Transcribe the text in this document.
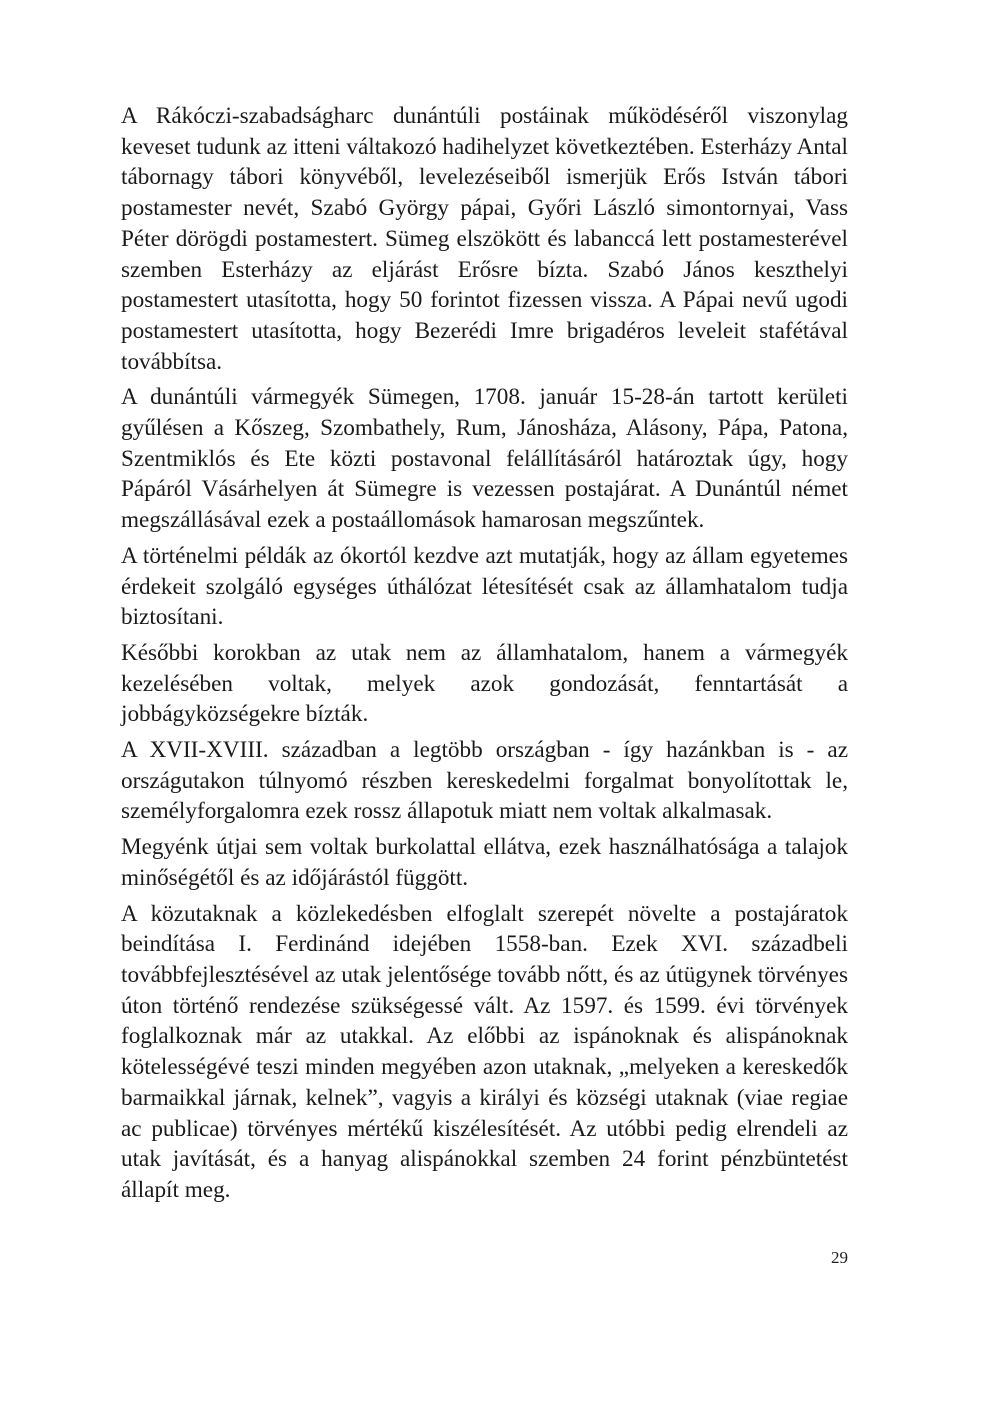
A Rákóczi-szabadságharc dunántúli postáinak működéséről viszonylag keveset tudunk az itteni váltakozó hadihelyzet következtében. Esterházy Antal tábornagy tábori könyvéből, levelezéseiből ismerjük Erős István tábori postamester nevét, Szabó György pápai, Győri László simontornyai, Vass Péter dörögdi postamestert. Sümeg elszökött és labanccá lett postamesterével szemben Esterházy az eljárást Erősre bízta. Szabó János keszthelyi postamestert utasította, hogy 50 forintot fizessen vissza. A Pápai nevű ugodi postamestert utasította, hogy Bezerédi Imre brigadéros leveleit stafétával továbbítsa.

A dunántúli vármegyék Sümegen, 1708. január 15-28-án tartott kerületi gyűlésen a Kőszeg, Szombathely, Rum, Jánosháza, Alásony, Pápa, Patona, Szentmiklós és Ete közti postavonal felállításáról határoztak úgy, hogy Pápáról Vásárhelyen át Sümegre is vezessen postajárat. A Dunántúl német megszállásával ezek a postaállomások hamarosan megszűntek.

A történelmi példák az ókortól kezdve azt mutatják, hogy az állam egyetemes érdekeit szolgáló egységes úthálózat létesítését csak az államhatalom tudja biztosítani.

Későbbi korokban az utak nem az államhatalom, hanem a vármegyék kezelésében voltak, melyek azok gondozását, fenntartását a jobbágyközségekre bízták.

A XVII-XVIII. században a legtöbb országban - így hazánkban is - az országutakon túlnyomó részben kereskedelmi forgalmat bonyolítottak le, személyforgalomra ezek rossz állapotuk miatt nem voltak alkalmasak.

Megyénk útjai sem voltak burkolattal ellátva, ezek használhatósága a talajok minőségétől és az időjárástól függött.

A közutaknak a közlekedésben elfoglalt szerepét növelte a postajáratok beindítása I. Ferdinánd idejében 1558-ban. Ezek XVI. századbeli továbbfejlesztésével az utak jelentősége tovább nőtt, és az útügynek törvényes úton történő rendezése szükségessé vált. Az 1597. és 1599. évi törvények foglalkoznak már az utakkal. Az előbbi az ispánoknak és alispánoknak kötelességévé teszi minden megyében azon utaknak, „melyeken a kereskedők barmaikkal járnak, kelnek”, vagyis a királyi és községi utaknak (viae regiae ac publicae) törvényes mértékű kiszélesítését. Az utóbbi pedig elrendeli az utak javítását, és a hanyag alispánokkal szemben 24 forint pénzbüntetést állapít meg.

29
